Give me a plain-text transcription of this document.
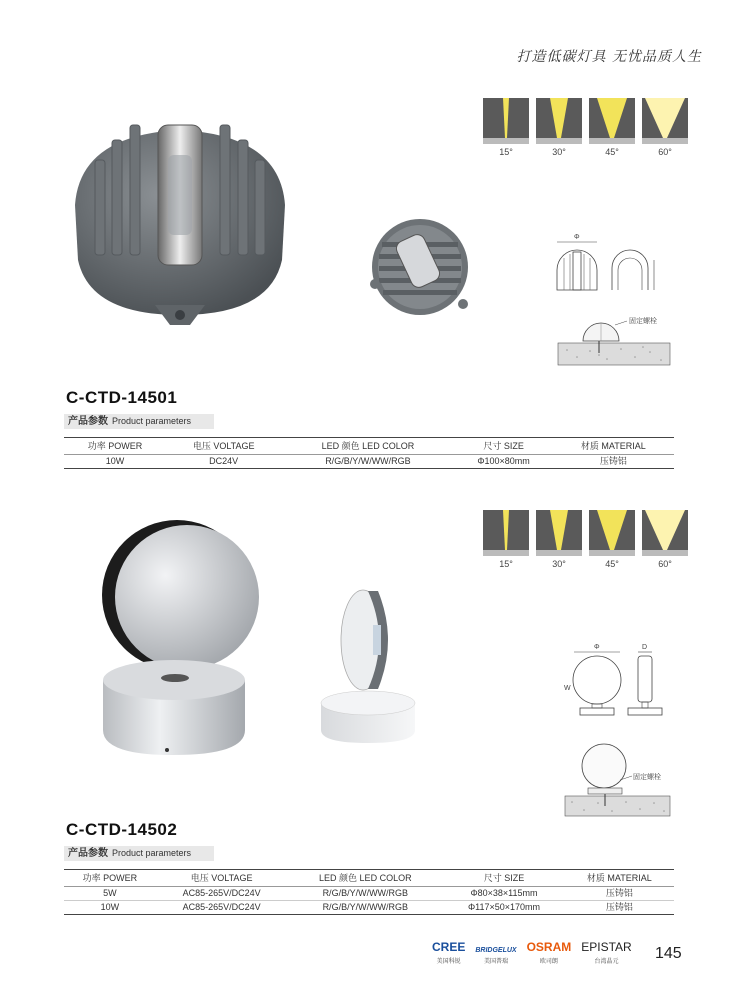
打造低碳灯具 无忧品质人生
15°	30°	45°	60°
Φ
固定螺栓
C-CTD-14501
产品参数 Product parameters
功率 POWER	电压 VOLTAGE	LED 颜色 LED COLOR	尺寸 SIZE	材质 MATERIAL
10W	DC24V	R/G/B/Y/W/WW/RGB	Φ100×80mm	压铸铝
15°	30°	45°	60°
Φ
W
D
固定螺栓
C-CTD-14502
产品参数 Product parameters
功率 POWER	电压 VOLTAGE	LED 颜色 LED COLOR	尺寸 SIZE	材质 MATERIAL
5W	AC85-265V/DC24V	R/G/B/Y/W/WW/RGB	Φ80×38×115mm	压铸铝
10W	AC85-265V/DC24V	R/G/B/Y/W/WW/RGB	Φ117×50×170mm	压铸铝
CREE
美国科锐
BRIDGELUX
美国普瑞
OSRAM
欧司朗
EPISTAR
台湾晶元 145
